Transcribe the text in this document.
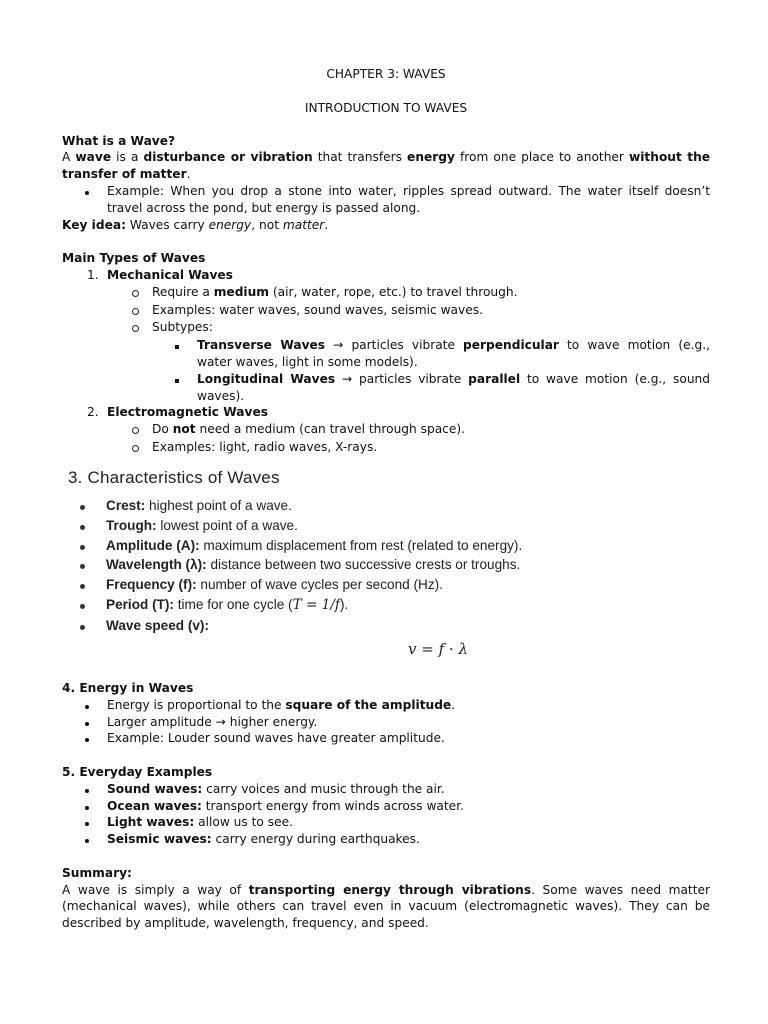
CHAPTER 3: WAVES

INTRODUCTION TO WAVES

What is a Wave?

A wave is a disturbance or vibration that transfers energy from one place to another without the transfer of matter.

Example: When you drop a stone into water, ripples spread outward. The water itself doesn’t travel across the pond, but energy is passed along.

Key idea: Waves carry energy, not matter.

Main Types of Waves

1. Mechanical Waves
Require a medium (air, water, rope, etc.) to travel through.
Examples: water waves, sound waves, seismic waves.
Subtypes:
Transverse Waves → particles vibrate perpendicular to wave motion (e.g., water waves, light in some models).
Longitudinal Waves → particles vibrate parallel to wave motion (e.g., sound waves).
2. Electromagnetic Waves
Do not need a medium (can travel through space).
Examples: light, radio waves, X-rays.
3. Characteristics of Waves
Crest: highest point of a wave.
Trough: lowest point of a wave.
Amplitude (A): maximum displacement from rest (related to energy).
Wavelength (λ): distance between two successive crests or troughs.
Frequency (f): number of wave cycles per second (Hz).
Period (T): time for one cycle (T = 1/f).
Wave speed (v):
v = f · λ

4. Energy in Waves

Energy is proportional to the square of the amplitude.
Larger amplitude → higher energy.
Example: Louder sound waves have greater amplitude.

5. Everyday Examples

Sound waves: carry voices and music through the air.
Ocean waves: transport energy from winds across water.
Light waves: allow us to see.
Seismic waves: carry energy during earthquakes.

Summary:

A wave is simply a way of transporting energy through vibrations. Some waves need matter (mechanical waves), while others can travel even in vacuum (electromagnetic waves). They can be described by amplitude, wavelength, frequency, and speed.
